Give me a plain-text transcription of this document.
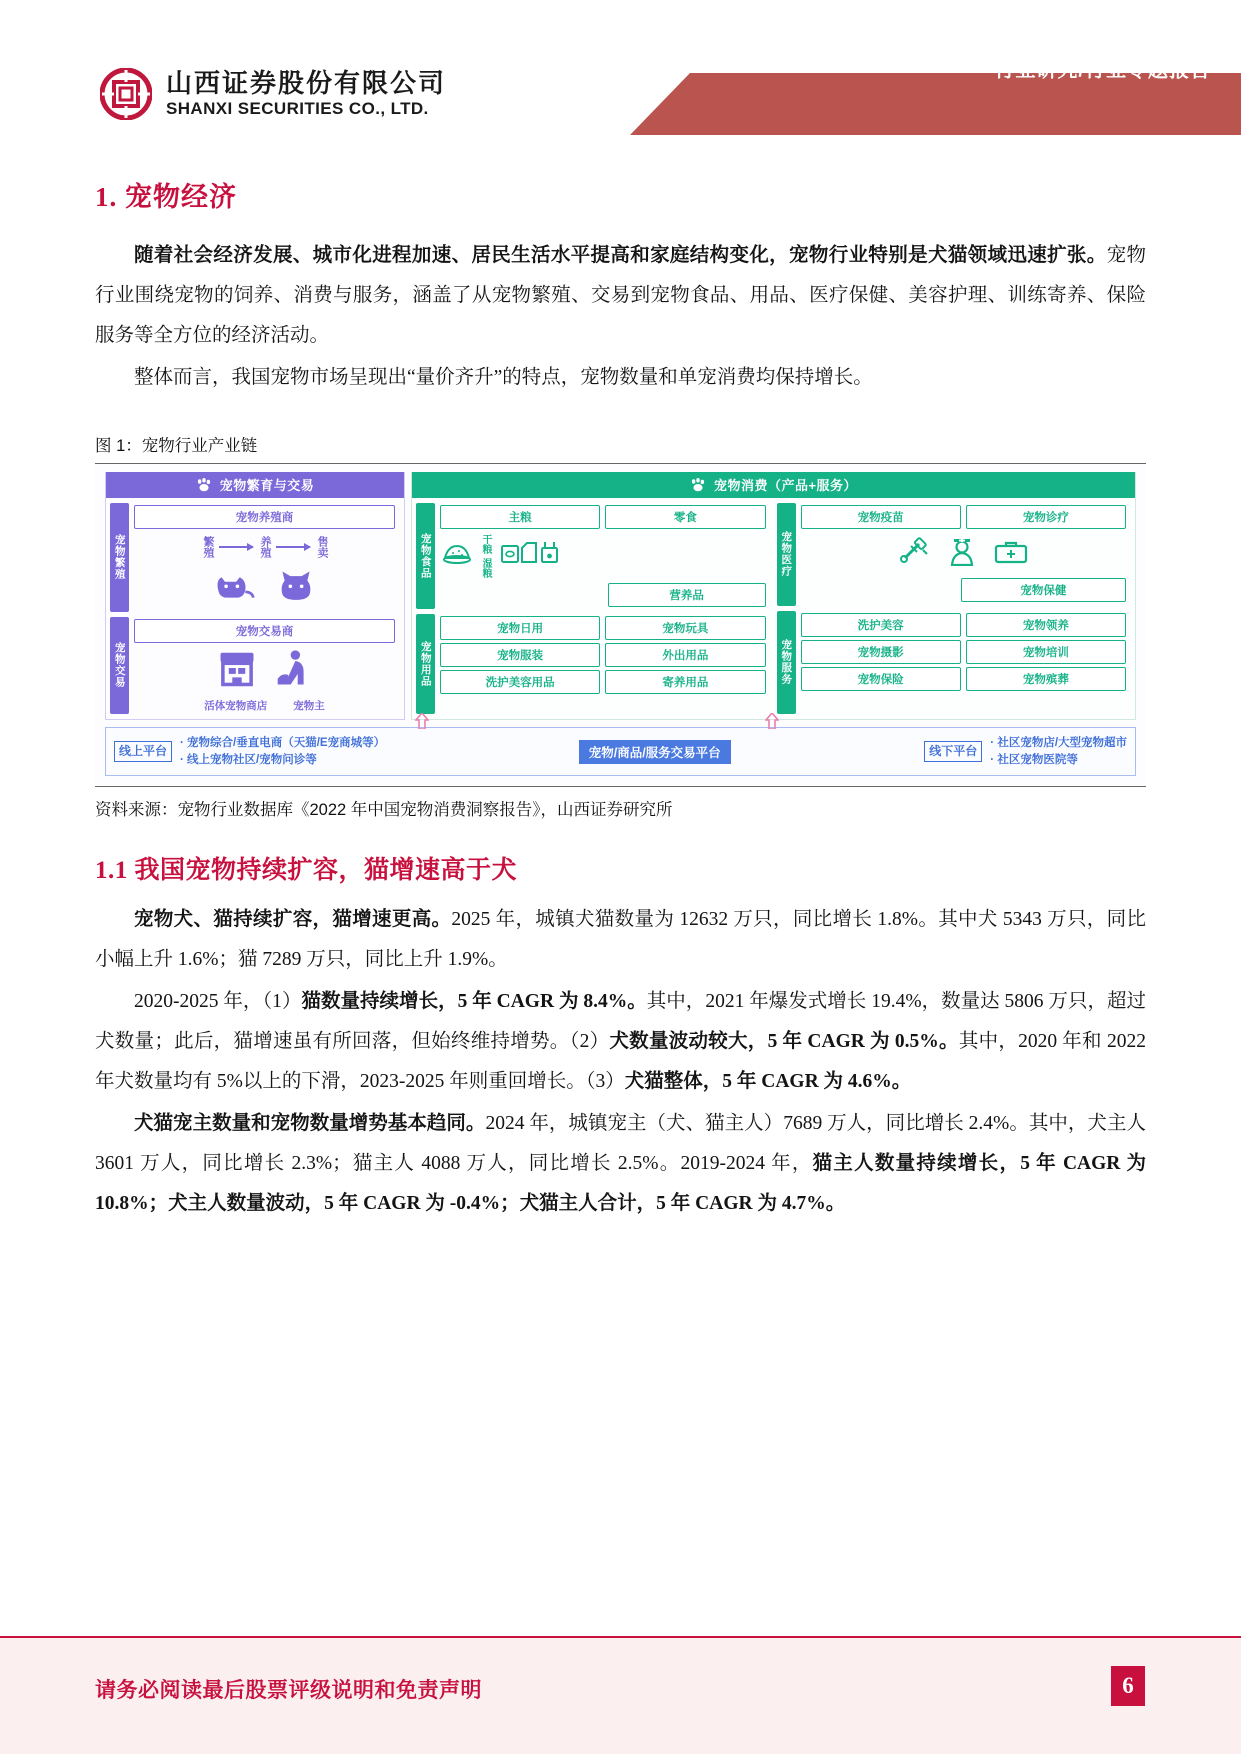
行业研究/行业专题报告
山西证券股份有限公司
SHANXI SECURITIES CO., LTD.
1. 宠物经济

随着社会经济发展、城市化进程加速、居民生活水平提高和家庭结构变化，宠物行业特别是犬猫领域迅速扩张。宠物行业围绕宠物的饲养、消费与服务，涵盖了从宠物繁殖、交易到宠物食品、用品、医疗保健、美容护理、训练寄养、保险服务等全方位的经济活动。

整体而言，我国宠物市场呈现出“量价齐升”的特点，宠物数量和单宠消费均保持增长。

图 1：宠物行业产业链
宠物繁育与交易
宠物繁殖
宠物养殖商
繁殖	养殖	售卖
宠物交易
宠物交易商
活体宠物商店 宠物主
宠物消费（产品+服务）
宠物食品
主粮	零食
干粮
湿粮
营养品
宠物用品
宠物日用	宠物玩具
宠物服装	外出用品
洗护美容用品	寄养用品
宠物医疗
宠物疫苗	宠物诊疗
宠物保健
宠物服务
洗护美容	宠物领养
宠物摄影	宠物培训
宠物保险	宠物殡葬
线上平台
· 宠物综合/垂直电商（天猫/E宠商城等）
· 线上宠物社区/宠物问诊等	宠物/商品/服务交易平台	线下平台
· 社区宠物店/大型宠物超市
· 社区宠物医院等
资料来源：宠物行业数据库《2022 年中国宠物消费洞察报告》，山西证券研究所
1.1 我国宠物持续扩容，猫增速高于犬

宠物犬、猫持续扩容，猫增速更高。2025 年，城镇犬猫数量为 12632 万只，同比增长 1.8%。其中犬 5343 万只，同比小幅上升 1.6%；猫 7289 万只，同比上升 1.9%。

2020-2025 年，（1）猫数量持续增长，5 年 CAGR 为 8.4%。其中，2021 年爆发式增长 19.4%，数量达 5806 万只，超过犬数量；此后，猫增速虽有所回落，但始终维持增势。（2）犬数量波动较大，5 年 CAGR 为 0.5%。其中，2020 年和 2022 年犬数量均有 5%以上的下滑，2023-2025 年则重回增长。（3）犬猫整体，5 年 CAGR 为 4.6%。

犬猫宠主数量和宠物数量增势基本趋同。2024 年，城镇宠主（犬、猫主人）7689 万人，同比增长 2.4%。其中，犬主人 3601 万人，同比增长 2.3%；猫主人 4088 万人，同比增长 2.5%。2019-2024 年，猫主人数量持续增长，5 年 CAGR 为 10.8%；犬主人数量波动，5 年 CAGR 为 -0.4%；犬猫主人合计，5 年 CAGR 为 4.7%。

请务必阅读最后股票评级说明和免责声明	6
